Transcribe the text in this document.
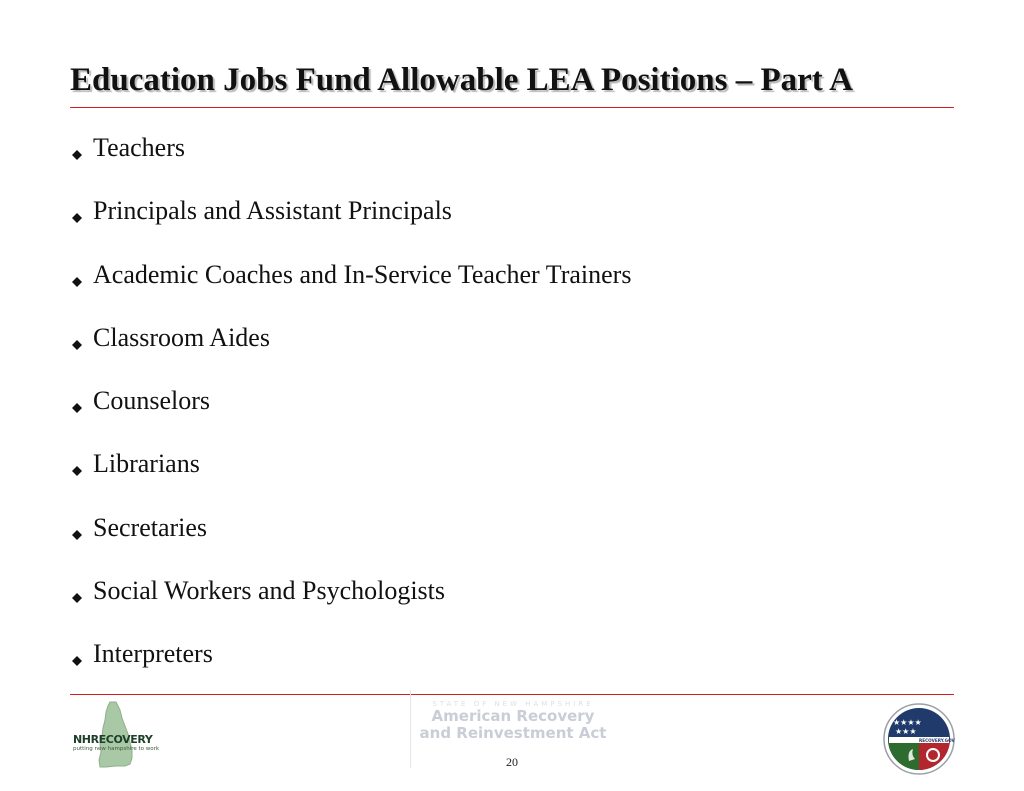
Education Jobs Fund Allowable LEA Positions – Part A
Teachers
Principals and Assistant Principals
Academic Coaches and In-Service Teacher Trainers
Classroom Aides
Counselors
Librarians
Secretaries
Social Workers and Psychologists
Interpreters
NHRECOVERY
putting new hampshire to work
STATE OF NEW HAMPSHIRE
American Recovery
and Reinvestment Act
20
★★★★
★★★
RECOVERY.GOV
